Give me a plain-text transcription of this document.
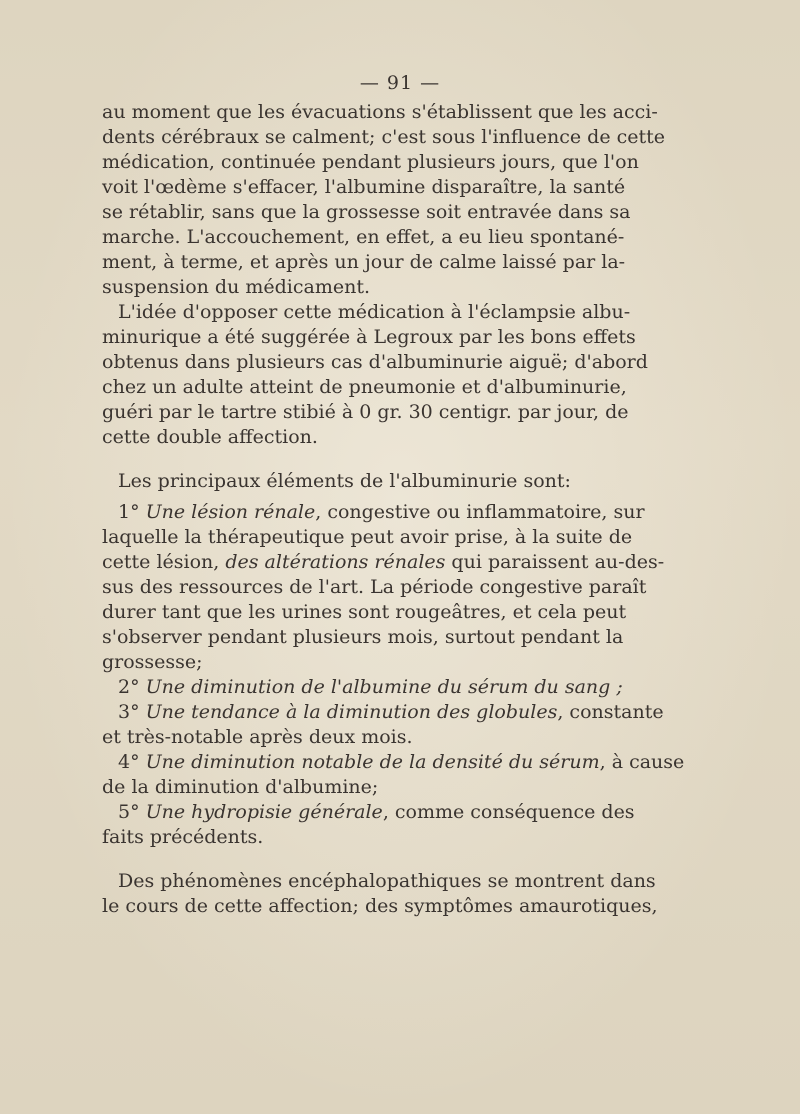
— 91 —
au moment que les évacuations s'établissent que les acci-
dents cérébraux se calment; c'est sous l'influence de cette
médication, continuée pendant plusieurs jours, que l'on
voit l'œdème s'effacer, l'albumine disparaître, la santé
se rétablir, sans que la grossesse soit entravée dans sa
marche. L'accouchement, en effet, a eu lieu spontané-
ment, à terme, et après un jour de calme laissé par la-
suspension du médicament.
L'idée d'opposer cette médication à l'éclampsie albu-
minurique a été suggérée à Legroux par les bons effets
obtenus dans plusieurs cas d'albuminurie aiguë; d'abord
chez un adulte atteint de pneumonie et d'albuminurie,
guéri par le tartre stibié à 0 gr. 30 centigr. par jour, de
cette double affection.
Les principaux éléments de l'albuminurie sont:
1° Une lésion rénale, congestive ou inflammatoire, sur
laquelle la thérapeutique peut avoir prise, à la suite de
cette lésion, des altérations rénales qui paraissent au-des-
sus des ressources de l'art. La période congestive paraît
durer tant que les urines sont rougeâtres, et cela peut
s'observer pendant plusieurs mois, surtout pendant la
grossesse;
2° Une diminution de l'albumine du sérum du sang ;
3° Une tendance à la diminution des globules, constante
et très-notable après deux mois.
4° Une diminution notable de la densité du sérum, à cause
de la diminution d'albumine;
5° Une hydropisie générale, comme conséquence des
faits précédents.
Des phénomènes encéphalopathiques se montrent dans
le cours de cette affection; des symptômes amaurotiques,
